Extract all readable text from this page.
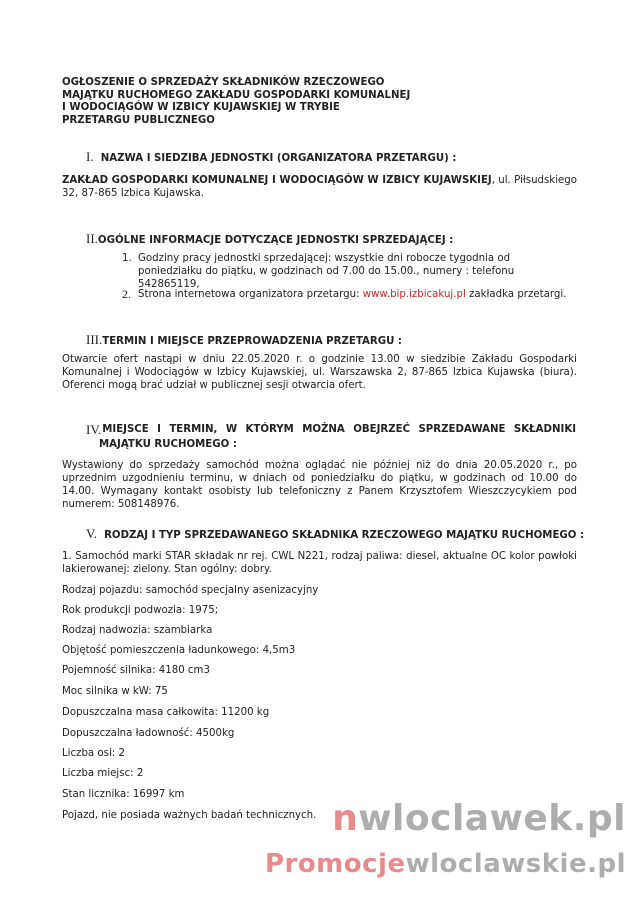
OGŁOSZENIE O SPRZEDAŻY SKŁADNIKÓW RZECZOWEGO
MAJĄTKU RUCHOMEGO ZAKŁADU GOSPODARKI KOMUNALNEJ
I WODOCIĄGÓW W IZBICY KUJAWSKIEJ W TRYBIE
PRZETARGU PUBLICZNEGO
I. NAZWA I SIEDZIBA JEDNOSTKI (ORGANIZATORA PRZETARGU) :
ZAKŁAD GOSPODARKI KOMUNALNEJ I WODOCIĄGÓW W IZBICY KUJAWSKIEJ, ul. Piłsudskiego 32, 87-865 Izbica Kujawska.
II.OGÓLNE INFORMACJE DOTYCZĄCE JEDNOSTKI SPRZEDAJĄCEJ :
1. Godziny pracy jednostki sprzedającej: wszystkie dni robocze tygodnia od poniedziałku do piątku, w godzinach od 7.00 do 15.00., numery : telefonu 542865119,
2. Strona internetowa organizatora przetargu: www.bip.izbicakuj.pl zakładka przetargi.
III.TERMIN I MIEJSCE PRZEPROWADZENIA PRZETARGU :
Otwarcie ofert nastąpi w dniu 22.05.2020 r. o godzinie 13.00 w siedzibie Zakładu Gospodarki Komunalnej i Wodociągów w Izbicy Kujawskiej, ul. Warszawska 2, 87-865 Izbica Kujawska (biura). Oferenci mogą brać udział w publicznej sesji otwarcia ofert.
IV. MIEJSCE I TERMIN, W KTÓRYM MOŻNA OBEJRZEĆ SPRZEDAWANE SKŁADNIKI
MAJĄTKU RUCHOMEGO :
Wystawiony do sprzedaży samochód można oglądać nie później niż do dnia 20.05.2020 r., po uprzednim uzgodnieniu terminu, w dniach od poniedziałku do piątku, w godzinach od 10.00 do 14.00. Wymagany kontakt osobisty lub telefoniczny z Panem Krzysztofem Wieszczycykiem pod numerem: 508148976.
V. RODZAJ I TYP SPRZEDAWANEGO SKŁADNIKA RZECZOWEGO MAJĄTKU RUCHOMEGO :
1. Samochód marki STAR składak nr rej. CWL N221, rodzaj paliwa: diesel, aktualne OC kolor powłoki lakierowanej: zielony. Stan ogólny: dobry.
Rodzaj pojazdu: samochód specjalny asenizacyjny
Rok produkcji podwozia: 1975;
Rodzaj nadwozia: szambiarka
Objętość pomieszczenia ładunkowego: 4,5m3
Pojemność silnika: 4180 cm3
Moc silnika w kW: 75
Dopuszczalna masa całkowita: 11200 kg
Dopuszczalna ładowność: 4500kg
Liczba osi: 2
Liczba miejsc: 2
Stan licznika: 16997 km
Pojazd, nie posiada ważnych badań technicznych. nwloclawek.pl
Promocjewloclawskie.pl
